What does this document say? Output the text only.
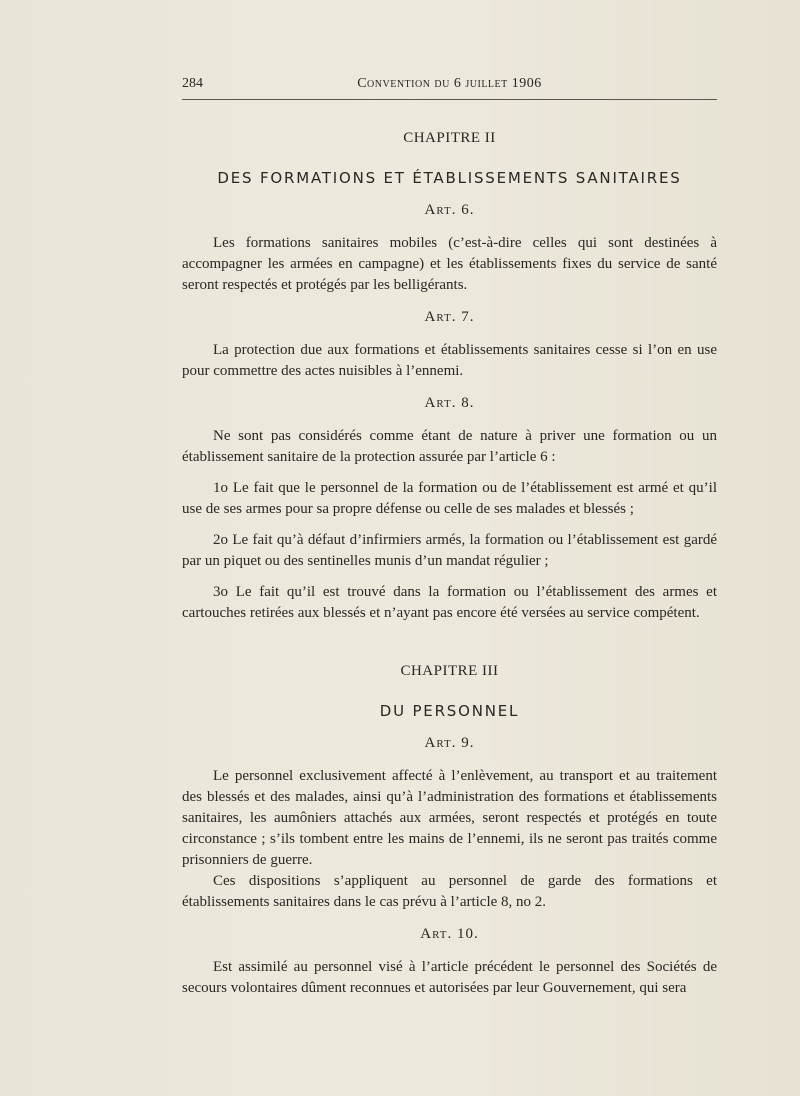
284	Convention du 6 juillet 1906
CHAPITRE II
DES FORMATIONS ET ÉTABLISSEMENTS SANITAIRES
Art. 6.

Les formations sanitaires mobiles (c’est-à-dire celles qui sont destinées à accompagner les armées en campagne) et les établissements fixes du service de santé seront respectés et protégés par les belligérants.

Art. 7.

La protection due aux formations et établissements sanitaires cesse si l’on en use pour commettre des actes nuisibles à l’ennemi.

Art. 8.

Ne sont pas considérés comme étant de nature à priver une formation ou un établissement sanitaire de la protection assurée par l’article 6 :

1o Le fait que le personnel de la formation ou de l’établissement est armé et qu’il use de ses armes pour sa propre défense ou celle de ses malades et blessés ;

2o Le fait qu’à défaut d’infirmiers armés, la formation ou l’établissement est gardé par un piquet ou des sentinelles munis d’un mandat régulier ;

3o Le fait qu’il est trouvé dans la formation ou l’établissement des armes et cartouches retirées aux blessés et n’ayant pas encore été versées au service compétent.

CHAPITRE III
DU PERSONNEL
Art. 9.

Le personnel exclusivement affecté à l’enlèvement, au transport et au traitement des blessés et des malades, ainsi qu’à l’administration des formations et établissements sanitaires, les aumôniers attachés aux armées, seront respectés et protégés en toute circonstance ; s’ils tombent entre les mains de l’ennemi, ils ne seront pas traités comme prisonniers de guerre.

Ces dispositions s’appliquent au personnel de garde des formations et établissements sanitaires dans le cas prévu à l’article 8, no 2.

Art. 10.

Est assimilé au personnel visé à l’article précédent le personnel des Sociétés de secours volontaires dûment reconnues et autorisées par leur Gouvernement, qui sera
